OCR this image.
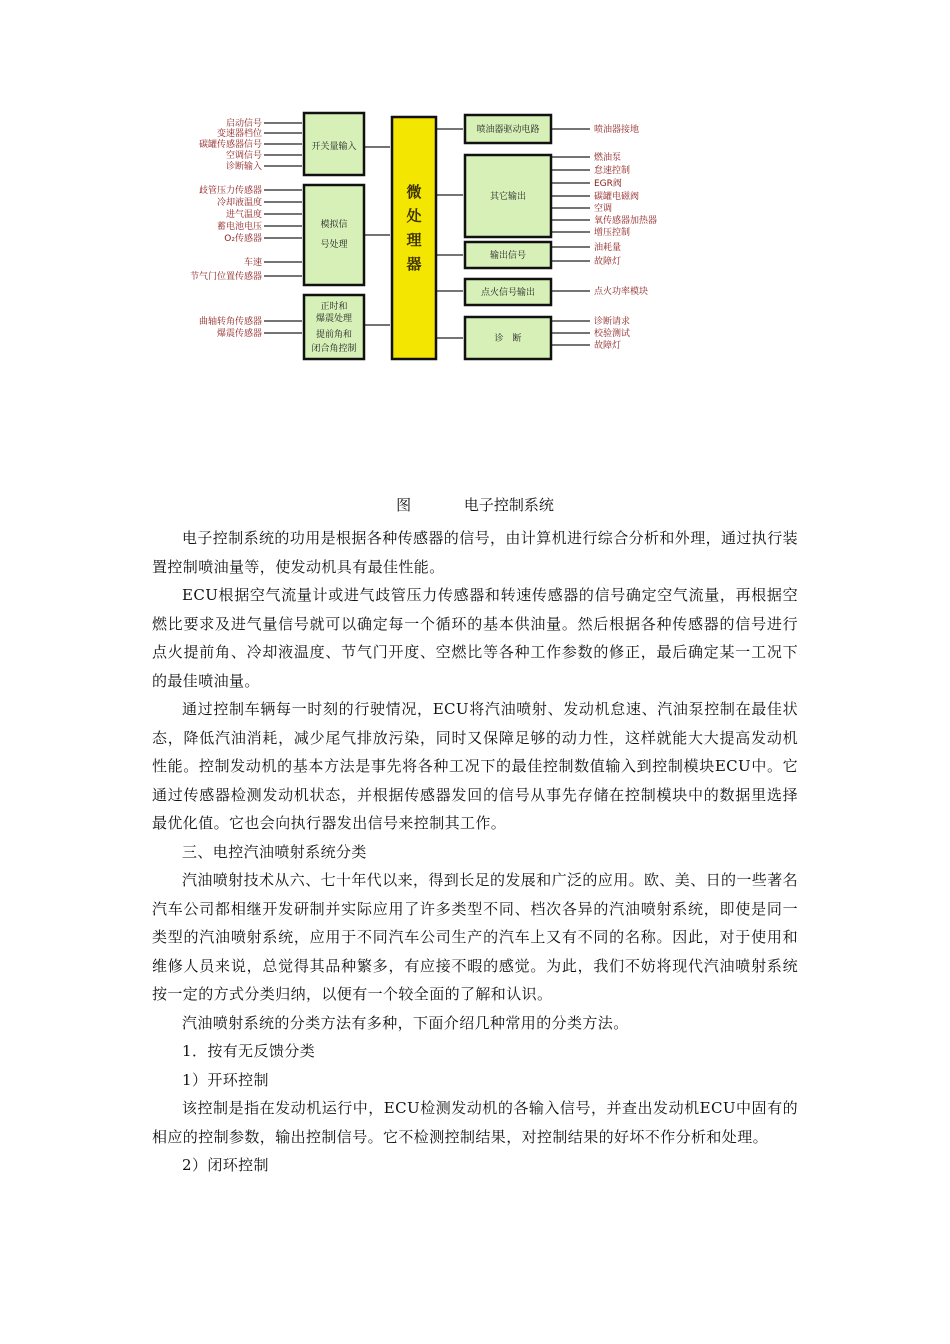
启动信号
变速器档位
碳罐传感器信号
空调信号
诊断输入
歧管压力传感器
冷却液温度
进气温度
蓄电池电压
O₂传感器
车速
节气门位置传感器
曲轴转角传感器
爆震传感器
开关量输入
模拟信
号处理
正时和
爆震处理
提前角和
闭合角控制
微
处
理
器
喷油器驱动电路
其它输出
输出信号
点火信号输出
诊　断
喷油器接地
燃油泵
怠速控制
EGR阀
碳罐电磁阀
空调
氧传感器加热器
增压控制
油耗量
故障灯
点火功率模块
诊断请求
校验测试
故障灯
图	电子控制系统

电子控制系统的功用是根据各种传感器的信号，由计算机进行综合分析和外理，通过执行装置控制喷油量等，使发动机具有最佳性能。

ECU根据空气流量计或进气歧管压力传感器和转速传感器的信号确定空气流量，再根据空燃比要求及进气量信号就可以确定每一个循环的基本供油量。然后根据各种传感器的信号进行点火提前角、冷却液温度、节气门开度、空燃比等各种工作参数的修正，最后确定某一工况下的最佳喷油量。

通过控制车辆每一时刻的行驶情况，ECU将汽油喷射、发动机怠速、汽油泵控制在最佳状态，降低汽油消耗，减少尾气排放污染，同时又保障足够的动力性，这样就能大大提高发动机性能。控制发动机的基本方法是事先将各种工况下的最佳控制数值输入到控制模块ECU中。它通过传感器检测发动机状态，并根据传感器发回的信号从事先存储在控制模块中的数据里选择最优化值。它也会向执行器发出信号来控制其工作。

三、电控汽油喷射系统分类

汽油喷射技术从六、七十年代以来，得到长足的发展和广泛的应用。欧、美、日的一些著名汽车公司都相继开发研制并实际应用了许多类型不同、档次各异的汽油喷射系统，即使是同一类型的汽油喷射系统，应用于不同汽车公司生产的汽车上又有不同的名称。因此，对于使用和维修人员来说，总觉得其品种繁多，有应接不暇的感觉。为此，我们不妨将现代汽油喷射系统按一定的方式分类归纳，以便有一个较全面的了解和认识。

汽油喷射系统的分类方法有多种，下面介绍几种常用的分类方法。

1．按有无反馈分类

1）开环控制

该控制是指在发动机运行中，ECU检测发动机的各输入信号，并查出发动机ECU中固有的相应的控制参数，输出控制信号。它不检测控制结果，对控制结果的好坏不作分析和处理。

2）闭环控制
